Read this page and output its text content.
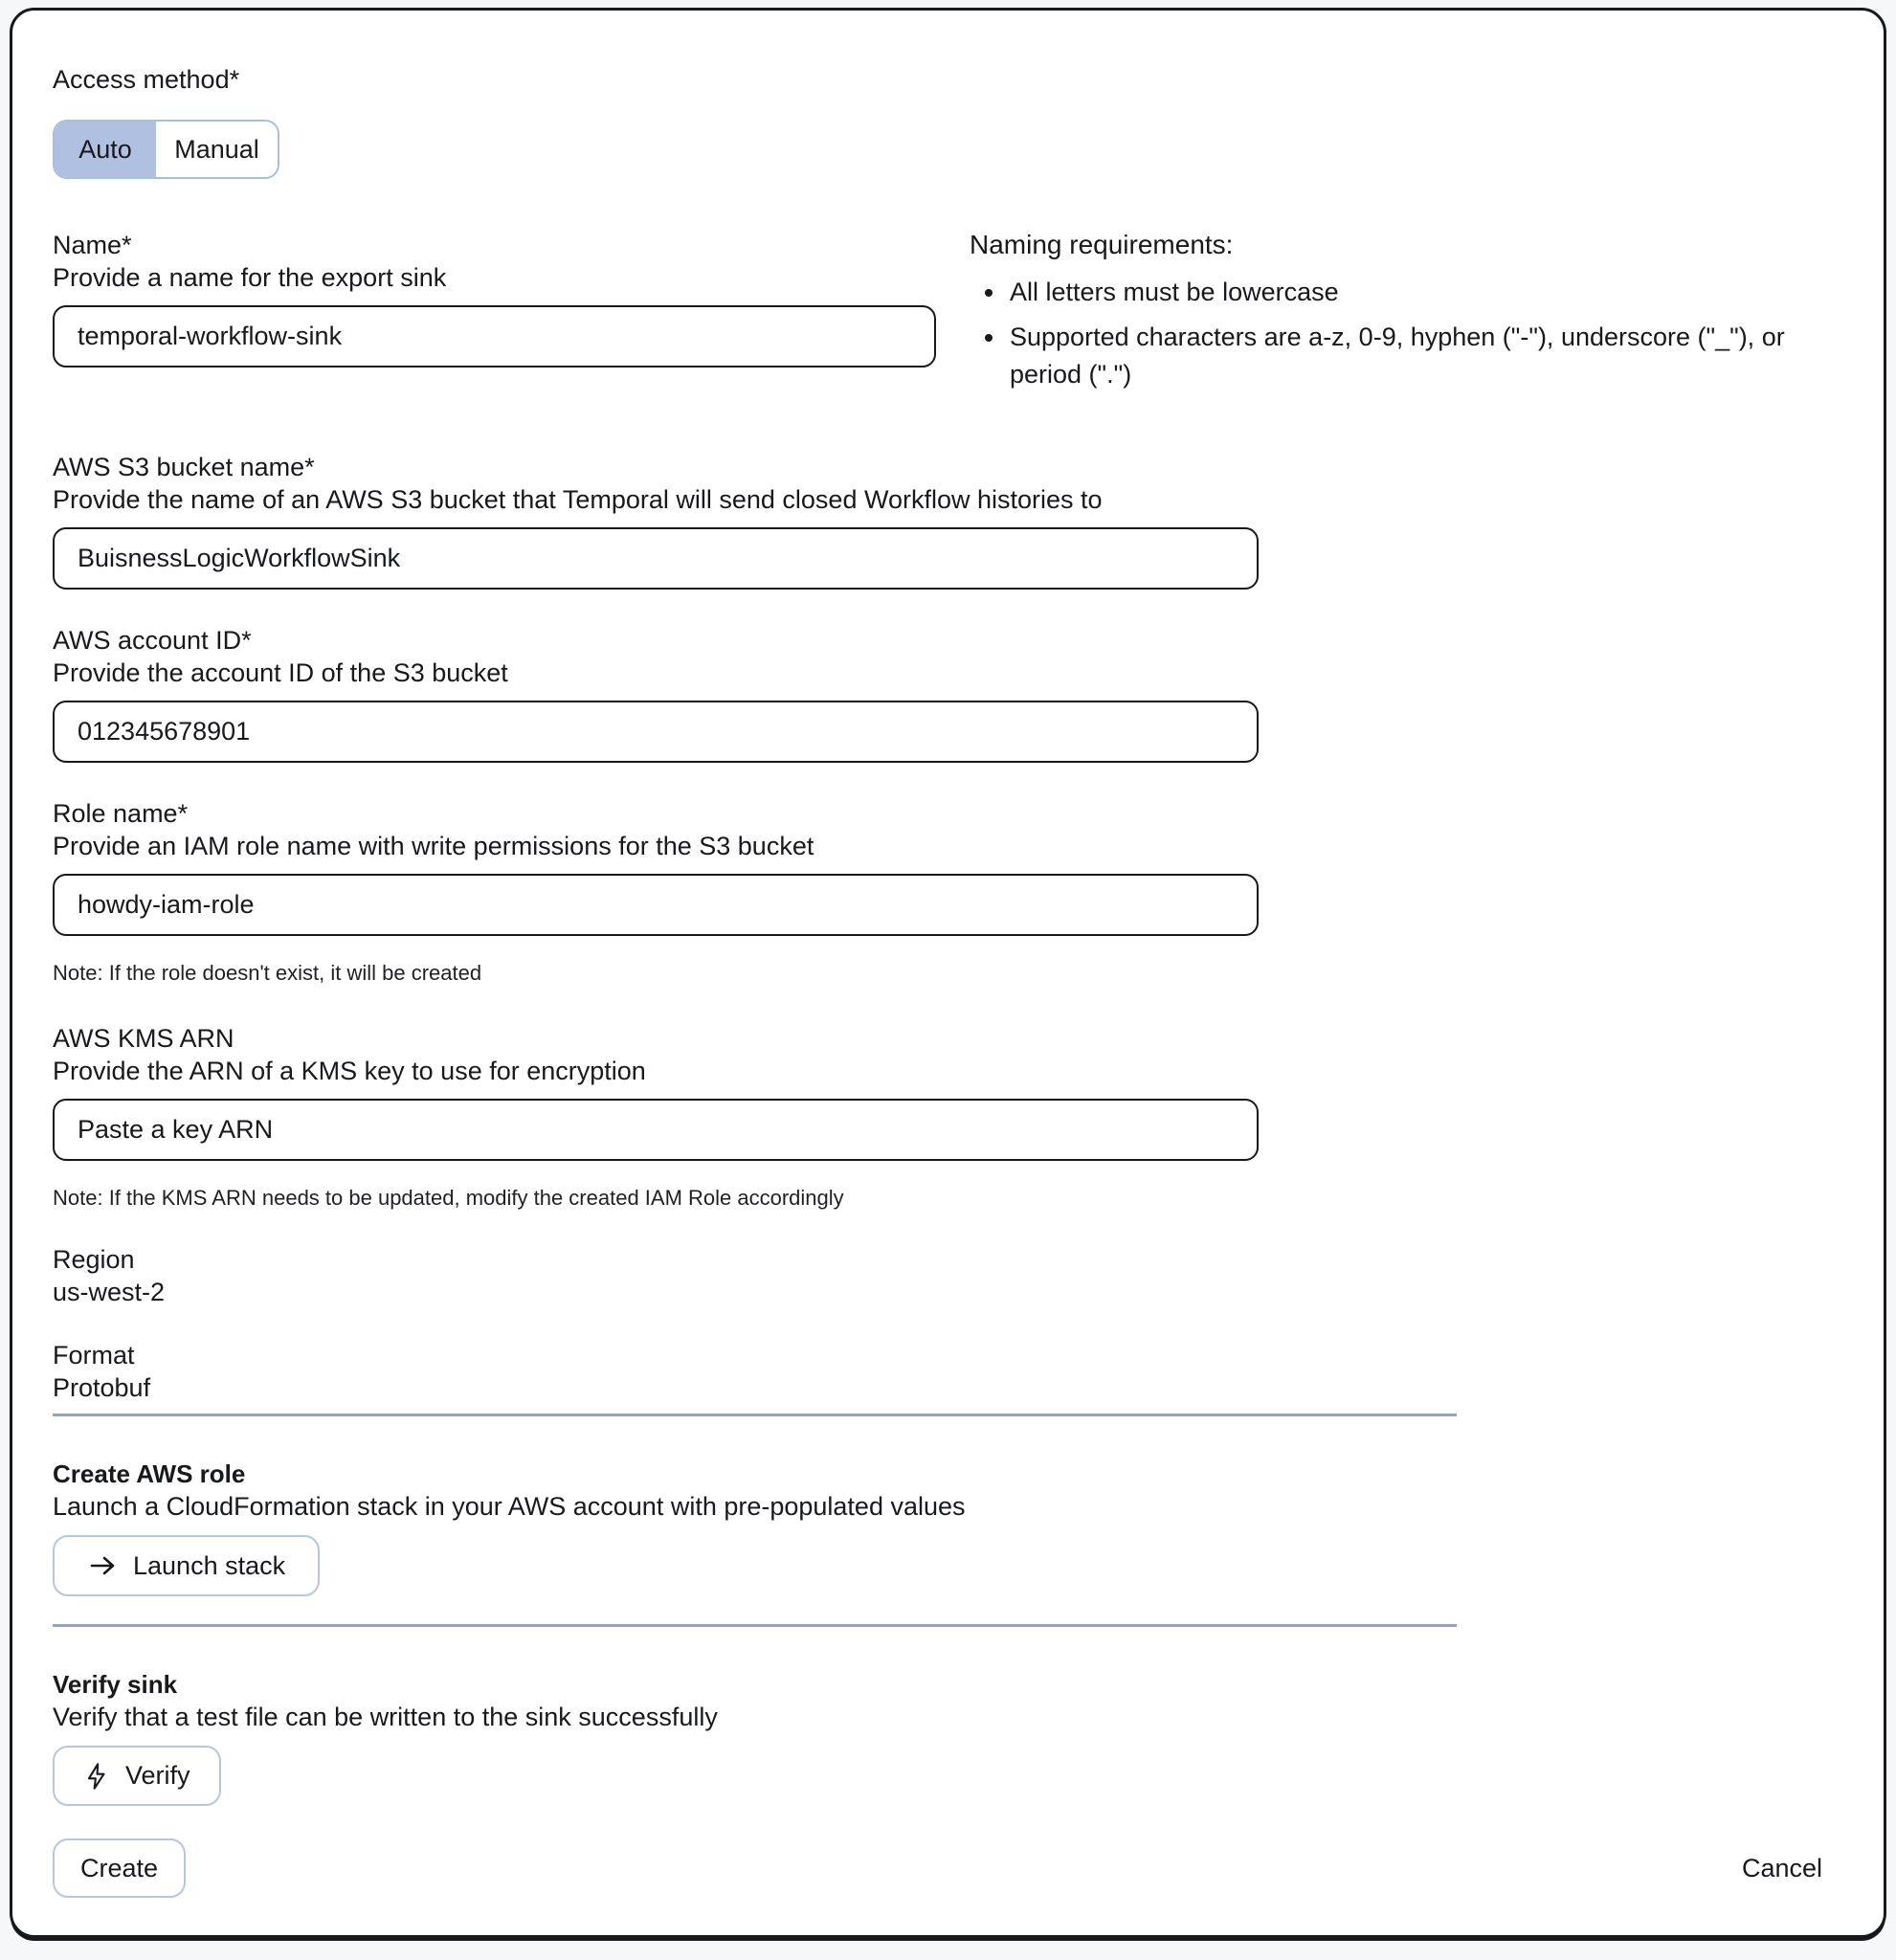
Access method*
Auto	Manual
Name*
Provide a name for the export sink
temporal-workflow-sink
Naming requirements:
All letters must be lowercase
Supported characters are a-z, 0-9, hyphen ("-"), underscore ("_"), or period (".")
AWS S3 bucket name*
Provide the name of an AWS S3 bucket that Temporal will send closed Workflow histories to
BuisnessLogicWorkflowSink
AWS account ID*
Provide the account ID of the S3 bucket
012345678901
Role name*
Provide an IAM role name with write permissions for the S3 bucket
howdy-iam-role
Note: If the role doesn't exist, it will be created
AWS KMS ARN
Provide the ARN of a KMS key to use for encryption
Paste a key ARN
Note: If the KMS ARN needs to be updated, modify the created IAM Role accordingly
Region
us-west-2
Format
Protobuf
Create AWS role
Launch a CloudFormation stack in your AWS account with pre-populated values
Launch stack
Verify sink
Verify that a test file can be written to the sink successfully
Verify
Create	Cancel
